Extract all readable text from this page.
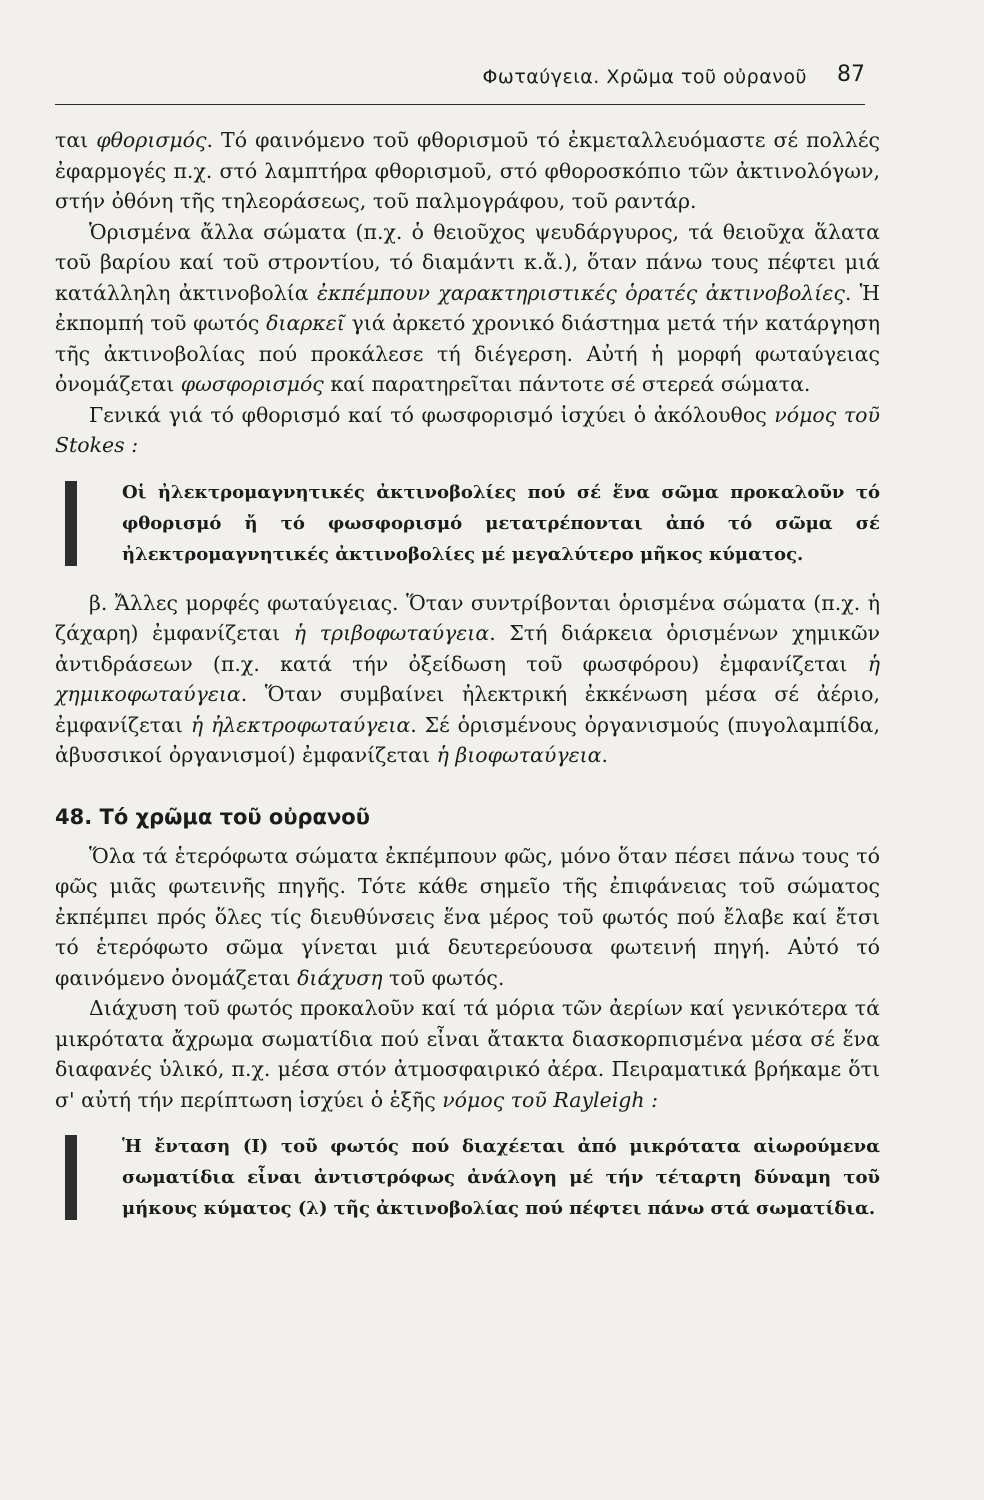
Φωταύγεια. Χρῶμα τοῦ οὐρανοῦ 87

ται φθορισμός. Τό φαινόμενο τοῦ φθορισμοῦ τό ἐκμεταλλευόμαστε σέ πολλές ἐφαρμογές π.χ. στό λαμπτήρα φθορισμοῦ, στό φθοροσκόπιο τῶν ἀκτινολόγων, στήν ὀθόνη τῆς τηλεοράσεως, τοῦ παλμογράφου, τοῦ ραντάρ.

Ὁρισμένα ἄλλα σώματα (π.χ. ὁ θειοῦχος ψευδάργυρος, τά θειοῦχα ἅλατα τοῦ βαρίου καί τοῦ στροντίου, τό διαμάντι κ.ἄ.), ὅταν πάνω τους πέφτει μιά κατάλληλη ἀκτινοβολία ἐκπέμπουν χαρακτηριστικές ὁρατές ἀκτινοβολίες. Ἡ ἐκπομπή τοῦ φωτός διαρκεῖ γιά ἀρκετό χρονικό διάστημα μετά τήν κατάργηση τῆς ἀκτινοβολίας πού προκάλεσε τή διέγερση. Αὐτή ἡ μορφή φωταύγειας ὀνομάζεται φωσφορισμός καί παρατηρεῖται πάντοτε σέ στερεά σώματα.

Γενικά γιά τό φθορισμό καί τό φωσφορισμό ἰσχύει ὁ ἀκόλουθος νόμος τοῦ Stokes :

Οἱ ἠλεκτρομαγνητικές ἀκτινοβολίες πού σέ ἕνα σῶμα προκαλοῦν τό φθορισμό ἤ τό φωσφορισμό μετατρέπονται ἀπό τό σῶμα σέ ἠλεκτρομαγνητικές ἀκτινοβολίες μέ μεγαλύτερο μῆκος κύματος.

β. Ἄλλες μορφές φωταύγειας. Ὅταν συντρίβονται ὁρισμένα σώματα (π.χ. ἡ ζάχαρη) ἐμφανίζεται ἡ τριβοφωταύγεια. Στή διάρκεια ὁρισμένων χημικῶν ἀντιδράσεων (π.χ. κατά τήν ὀξείδωση τοῦ φωσφόρου) ἐμφανίζεται ἡ χημικοφωταύγεια. Ὅταν συμβαίνει ἠλεκτρική ἐκκένωση μέσα σέ ἀέριο, ἐμφανίζεται ἡ ἠλεκτροφωταύγεια. Σέ ὁρισμένους ὀργανισμούς (πυγολαμπίδα, ἀβυσσικοί ὀργανισμοί) ἐμφανίζεται ἡ βιοφωταύγεια.

48. Τό χρῶμα τοῦ οὐρανοῦ

Ὅλα τά ἑτερόφωτα σώματα ἐκπέμπουν φῶς, μόνο ὅταν πέσει πάνω τους τό φῶς μιᾶς φωτεινῆς πηγῆς. Τότε κάθε σημεῖο τῆς ἐπιφάνειας τοῦ σώματος ἐκπέμπει πρός ὅλες τίς διευθύνσεις ἕνα μέρος τοῦ φωτός πού ἔλαβε καί ἔτσι τό ἑτερόφωτο σῶμα γίνεται μιά δευτερεύουσα φωτεινή πηγή. Αὐτό τό φαινόμενο ὀνομάζεται διάχυση τοῦ φωτός.

Διάχυση τοῦ φωτός προκαλοῦν καί τά μόρια τῶν ἀερίων καί γενικότερα τά μικρότατα ἄχρωμα σωματίδια πού εἶναι ἄτακτα διασκορπισμένα μέσα σέ ἕνα διαφανές ὑλικό, π.χ. μέσα στόν ἀτμοσφαιρικό ἀέρα. Πειραματικά βρήκαμε ὅτι σ' αὐτή τήν περίπτωση ἰσχύει ὁ ἑξῆς νόμος τοῦ Rayleigh :

Ἡ ἔνταση (Ι) τοῦ φωτός πού διαχέεται ἀπό μικρότατα αἰωρούμενα σωματίδια εἶναι ἀντιστρόφως ἀνάλογη μέ τήν τέταρτη δύναμη τοῦ μήκους κύματος (λ) τῆς ἀκτινοβολίας πού πέφτει πάνω στά σωματίδια.
